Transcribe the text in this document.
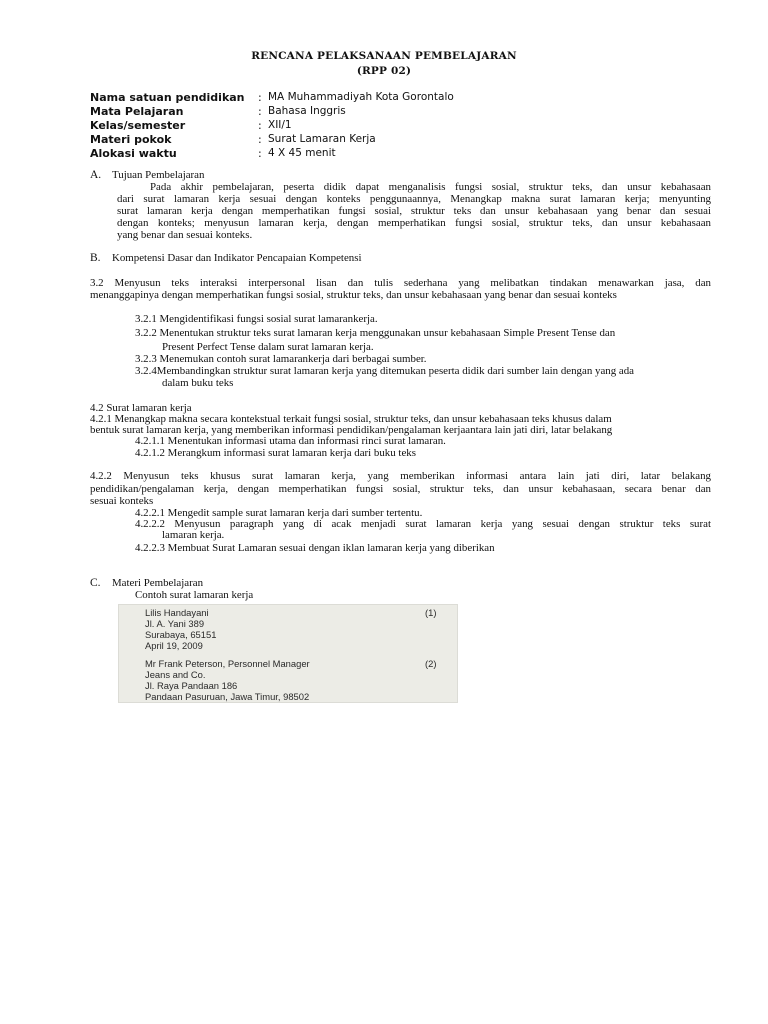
RENCANA PELAKSANAAN PEMBELAJARAN
(RPP 02)
Nama satuan pendidikan	: MA Muhammadiyah Kota Gorontalo
Mata Pelajaran	: Bahasa Inggris
Kelas/semester	: XII/1
Materi pokok	: Surat Lamaran Kerja
Alokasi waktu	: 4 X 45 menit
A. Tujuan Pembelajaran
Pada akhir pembelajaran, peserta didik dapat menganalisis fungsi sosial, struktur teks, dan unsur kebahasaan
dari surat lamaran kerja sesuai dengan konteks penggunaannya, Menangkap makna surat lamaran kerja; menyunting
surat lamaran kerja dengan memperhatikan fungsi sosial, struktur teks dan unsur kebahasaan yang benar dan sesuai
dengan konteks; menyusun lamaran kerja, dengan memperhatikan fungsi sosial, struktur teks, dan unsur kebahasaan
yang benar dan sesuai konteks.
B. Kompetensi Dasar dan Indikator Pencapaian Kompetensi
3.2 Menyusun teks interaksi interpersonal lisan dan tulis sederhana yang melibatkan tindakan menawarkan jasa, dan
menanggapinya dengan memperhatikan fungsi sosial, struktur teks, dan unsur kebahasaan yang benar dan sesuai konteks
3.2.1 Mengidentifikasi fungsi sosial surat lamarankerja.
3.2.2 Menentukan struktur teks surat lamaran kerja menggunakan unsur kebahasaan Simple Present Tense dan
Present Perfect Tense dalam surat lamaran kerja.
3.2.3 Menemukan contoh surat lamarankerja dari berbagai sumber.
3.2.4Membandingkan struktur surat lamaran kerja yang ditemukan peserta didik dari sumber lain dengan yang ada
dalam buku teks
4.2 Surat lamaran kerja
4.2.1 Menangkap makna secara kontekstual terkait fungsi sosial, struktur teks, dan unsur kebahasaan teks khusus dalam
bentuk surat lamaran kerja, yang memberikan informasi pendidikan/pengalaman kerjaantara lain jati diri, latar belakang
4.2.1.1 Menentukan informasi utama dan informasi rinci surat lamaran.
4.2.1.2 Merangkum informasi surat lamaran kerja dari buku teks
4.2.2 Menyusun teks khusus surat lamaran kerja, yang memberikan informasi antara lain jati diri, latar belakang
pendidikan/pengalaman kerja, dengan memperhatikan fungsi sosial, struktur teks, dan unsur kebahasaan, secara benar dan
sesuai konteks
4.2.2.1 Mengedit sample surat lamaran kerja dari sumber tertentu.
4.2.2.2 Menyusun paragraph yang di acak menjadi surat lamaran kerja yang sesuai dengan struktur teks surat
lamaran kerja.
4.2.2.3 Membuat Surat Lamaran sesuai dengan iklan lamaran kerja yang diberikan
C. Materi Pembelajaran
Contoh surat lamaran kerja
Lilis Handayani	(1)
Jl. A. Yani 389
Surabaya, 65151
April 19, 2009
Mr Frank Peterson, Personnel Manager	(2)
Jeans and Co.
Jl. Raya Pandaan 186
Pandaan Pasuruan, Jawa Timur, 98502
